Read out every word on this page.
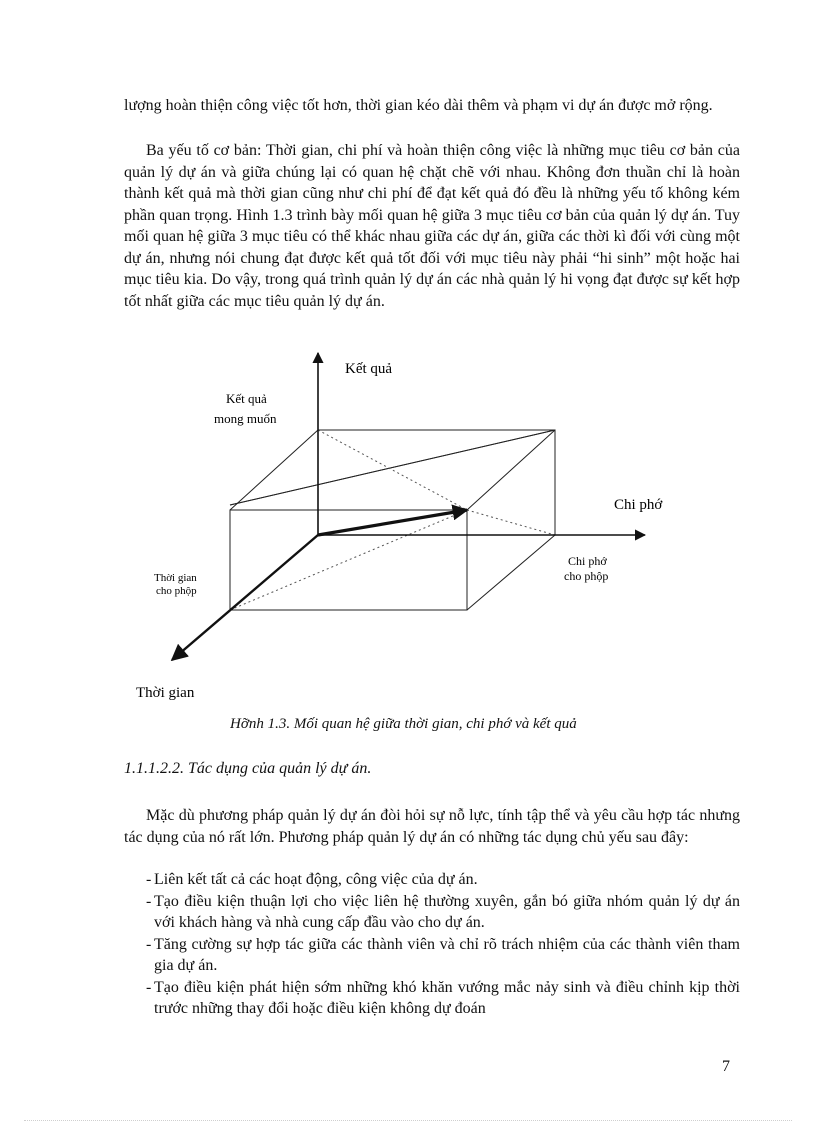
lượng hoàn thiện công việc tốt hơn, thời gian kéo dài thêm và phạm vi dự án được mở rộng.

Ba yếu tố cơ bản: Thời gian, chi phí và hoàn thiện công việc là những mục tiêu cơ bản của quản lý dự án và giữa chúng lại có quan hệ chặt chẽ với nhau. Không đơn thuần chỉ là hoàn thành kết quả mà thời gian cũng như chi phí để đạt kết quả đó đều là những yếu tố không kém phần quan trọng. Hình 1.3 trình bày mối quan hệ giữa 3 mục tiêu cơ bản của quản lý dự án. Tuy mối quan hệ giữa 3 mục tiêu có thể khác nhau giữa các dự án, giữa các thời kì đối với cùng một dự án, nhưng nói chung đạt được kết quả tốt đối với mục tiêu này phải “hi sinh” một hoặc hai mục tiêu kia. Do vậy, trong quá trình quản lý dự án các nhà quản lý hi vọng đạt được sự kết hợp tốt nhất giữa các mục tiêu quản lý dự án.

Kết quả
Kết quả
mong muốn
Chi phớ
Chi phớ
cho phộp
Thời gian
cho phộp
Thời gian
Hỡnh 1.3. Mối quan hệ giữa thời gian, chi phớ và kết quả

1.1.1.2.2. Tác dụng của quản lý dự án.

Mặc dù phương pháp quản lý dự án đòi hỏi sự nỗ lực, tính tập thể và yêu cầu hợp tác nhưng tác dụng của nó rất lớn. Phương pháp quản lý dự án có những tác dụng chủ yếu sau đây:

- Liên kết tất cả các hoạt động, công việc của dự án.
- Tạo điều kiện thuận lợi cho việc liên hệ thường xuyên, gắn bó giữa nhóm quản lý dự án với khách hàng và nhà cung cấp đầu vào cho dự án.
- Tăng cường sự hợp tác giữa các thành viên và chỉ rõ trách nhiệm của các thành viên tham gia dự án.
- Tạo điều kiện phát hiện sớm những khó khăn vướng mắc nảy sinh và điều chỉnh kịp thời trước những thay đổi hoặc điều kiện không dự đoán
7
